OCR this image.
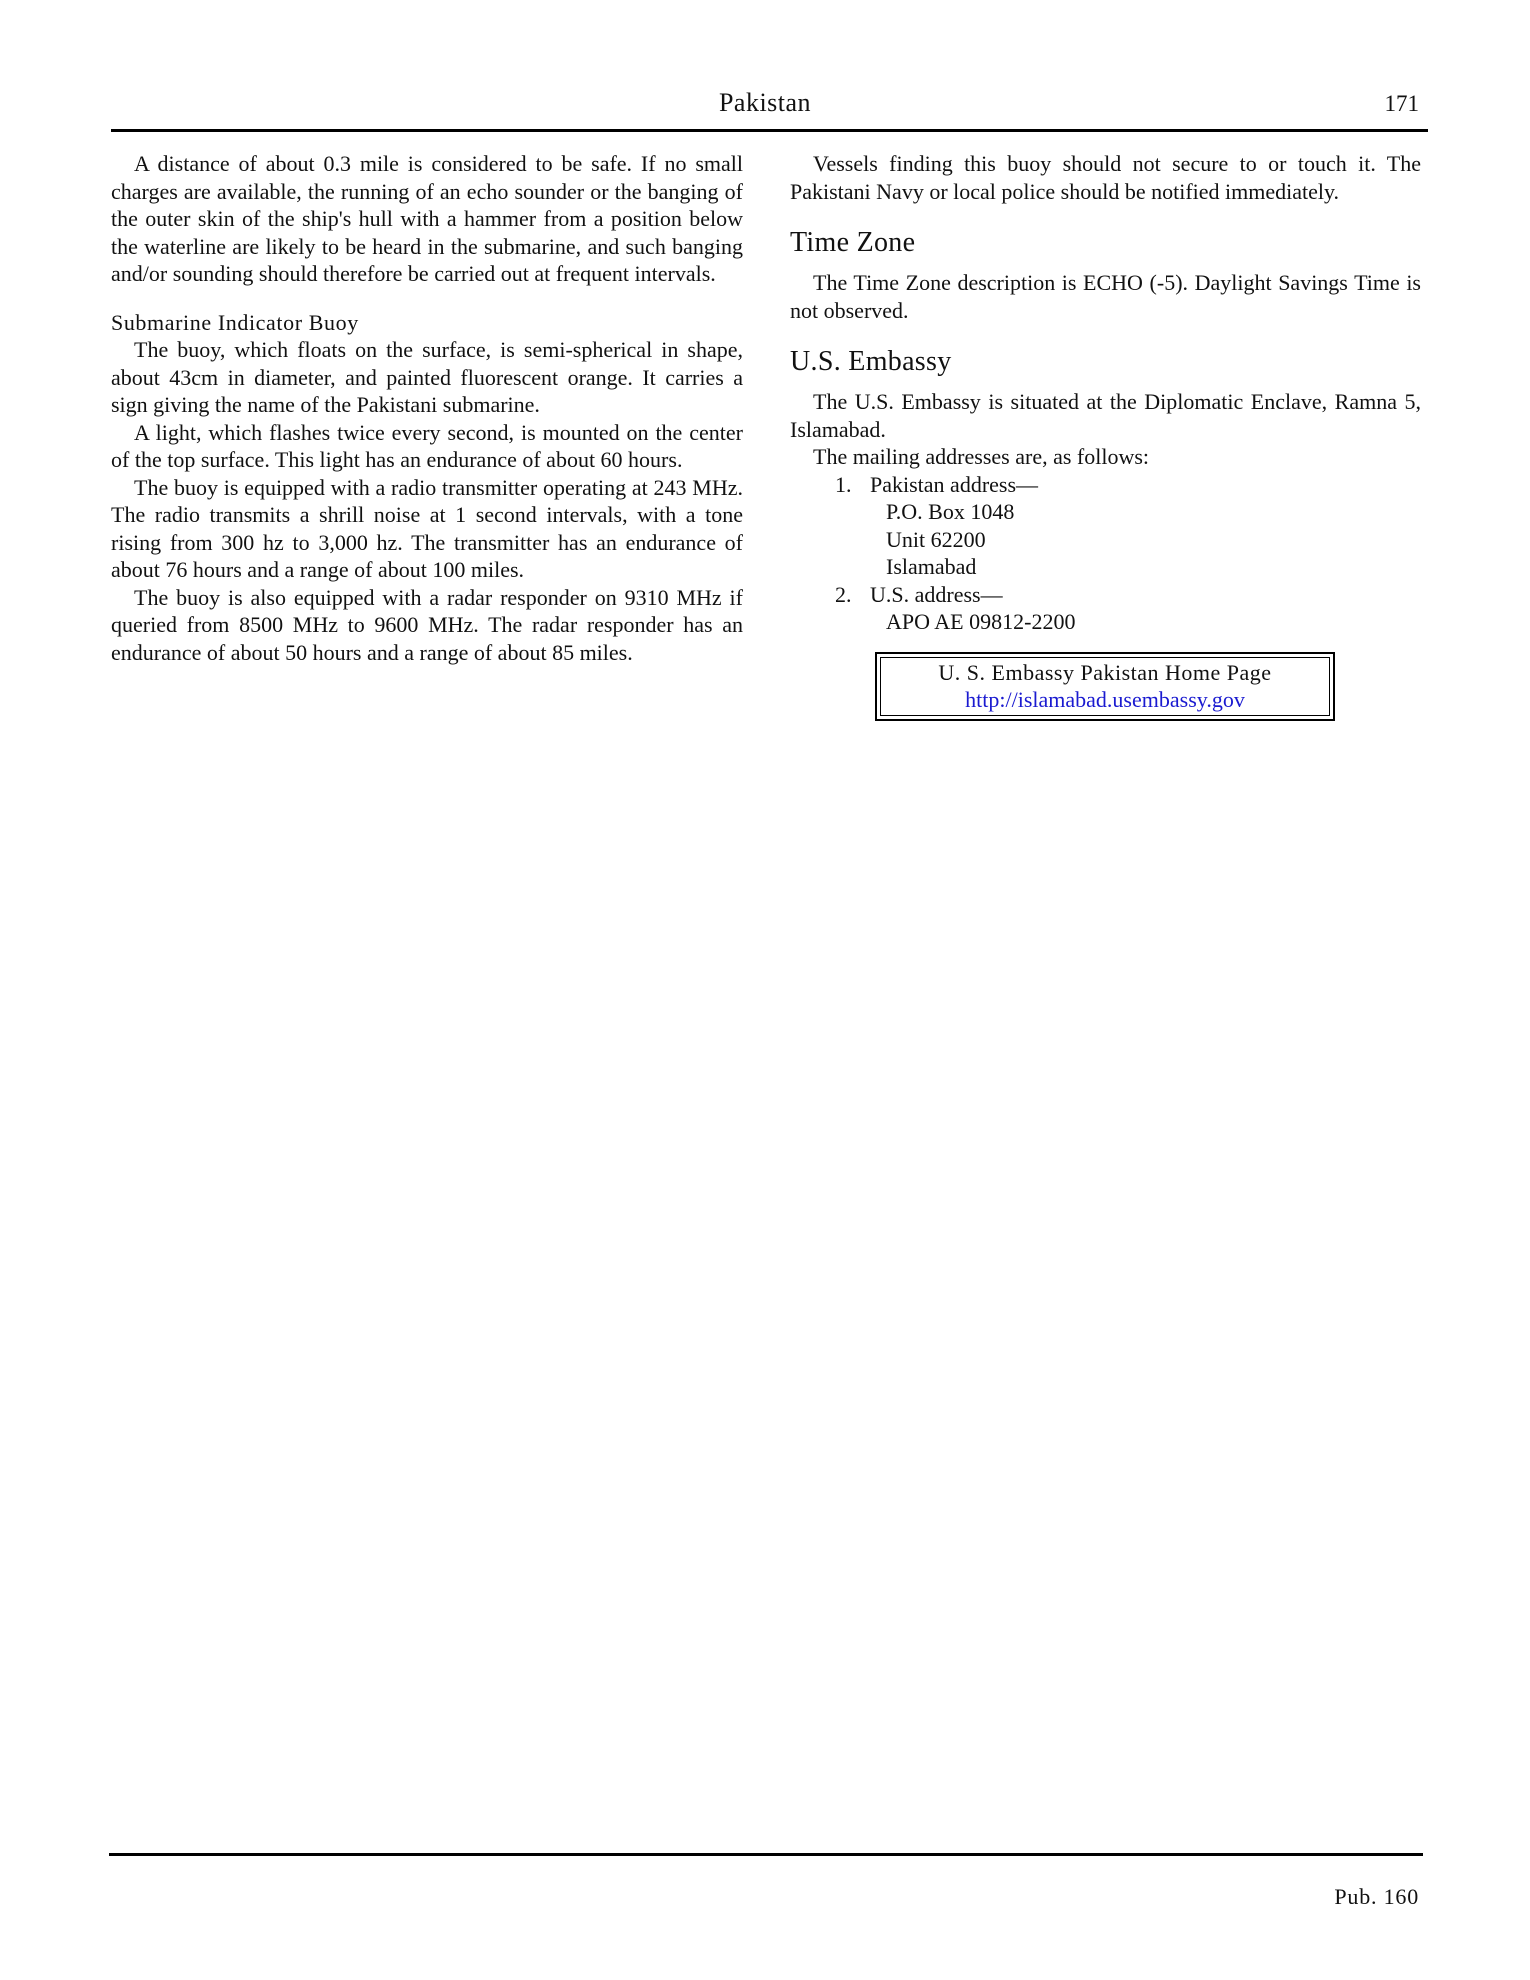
Pakistan	171

A distance of about 0.3 mile is considered to be safe. If no small charges are available, the running of an echo sounder or the banging of the outer skin of the ship's hull with a hammer from a position below the waterline are likely to be heard in the submarine, and such banging and/or sounding should therefore be carried out at frequent intervals.

Submarine Indicator Buoy

The buoy, which floats on the surface, is semi-spherical in shape, about 43cm in diameter, and painted fluorescent orange. It carries a sign giving the name of the Pakistani submarine.

A light, which flashes twice every second, is mounted on the center of the top surface. This light has an endurance of about 60 hours.

The buoy is equipped with a radio transmitter operating at 243 MHz. The radio transmits a shrill noise at 1 second intervals, with a tone rising from 300 hz to 3,000 hz. The transmitter has an endurance of about 76 hours and a range of about 100 miles.

The buoy is also equipped with a radar responder on 9310 MHz if queried from 8500 MHz to 9600 MHz. The radar responder has an endurance of about 50 hours and a range of about 85 miles.

Vessels finding this buoy should not secure to or touch it. The Pakistani Navy or local police should be notified immediately.

Time Zone

The Time Zone description is ECHO (-5). Daylight Savings Time is not observed.

U.S. Embassy

The U.S. Embassy is situated at the Diplomatic Enclave, Ramna 5, Islamabad.

The mailing addresses are, as follows:

1. Pakistan address—
P.O. Box 1048
Unit 62200
Islamabad
2. U.S. address—
APO AE 09812-2200
U. S. Embassy Pakistan Home Page
http://islamabad.usembassy.gov
Pub. 160
